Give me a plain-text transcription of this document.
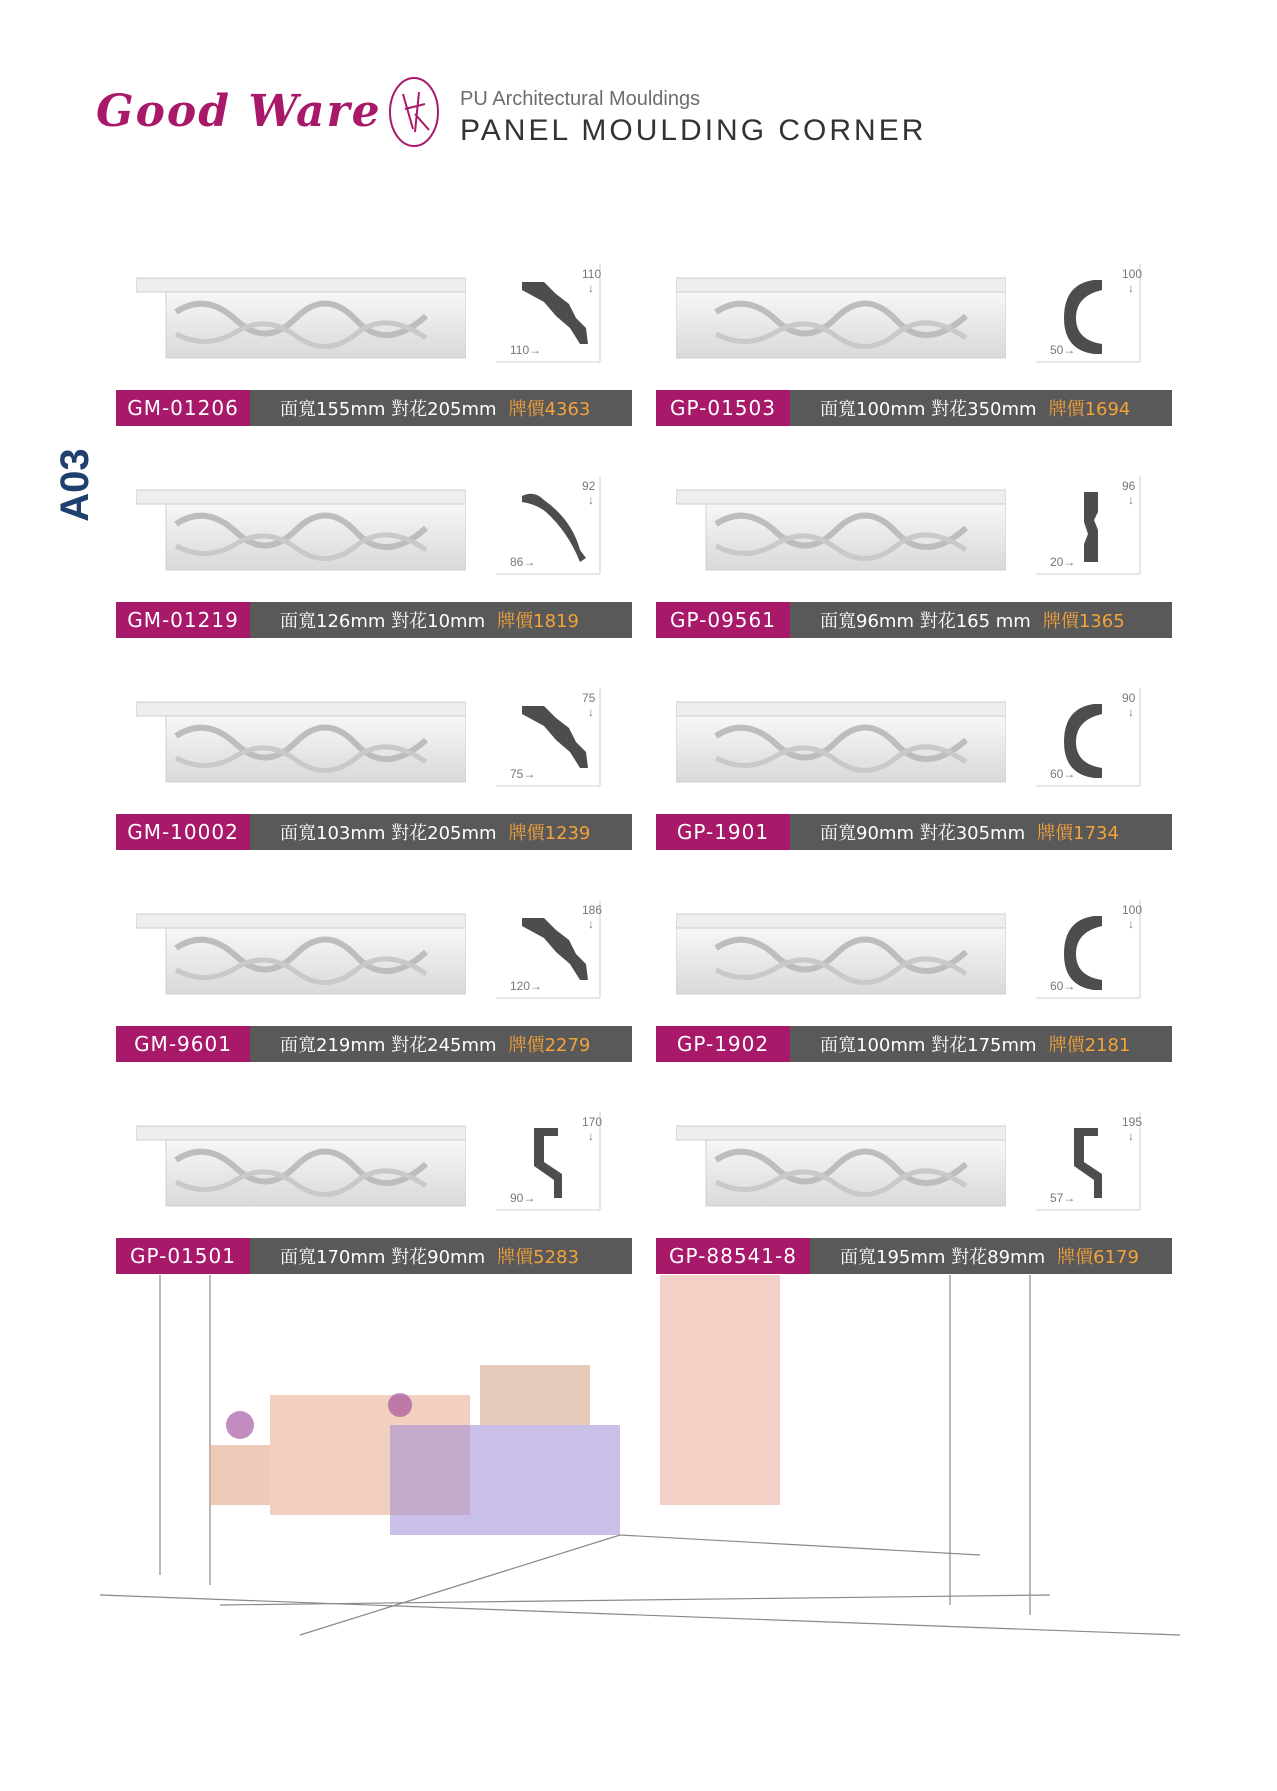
Good Ware	PU Architectural Mouldings
PANEL MOULDING CORNER
A03
110
↓
110→
GM-01206	面寬155mm 對花205mm 牌價4363
100
↓
50→
GP-01503	面寬100mm 對花350mm 牌價1694
92
↓
86→
GM-01219	面寬126mm 對花10mm 牌價1819
96
↓
20→
GP-09561	面寬96mm 對花165 mm 牌價1365
75
↓
75→
GM-10002	面寬103mm 對花205mm 牌價1239
90
↓
60→
GP-1901	面寬90mm 對花305mm 牌價1734
186
↓
120→
GM-9601	面寬219mm 對花245mm 牌價2279
100
↓
60→
GP-1902	面寬100mm 對花175mm 牌價2181
170
↓
90→
GP-01501	面寬170mm 對花90mm 牌價5283
195
↓
57→
GP-88541-8	面寬195mm 對花89mm 牌價6179
